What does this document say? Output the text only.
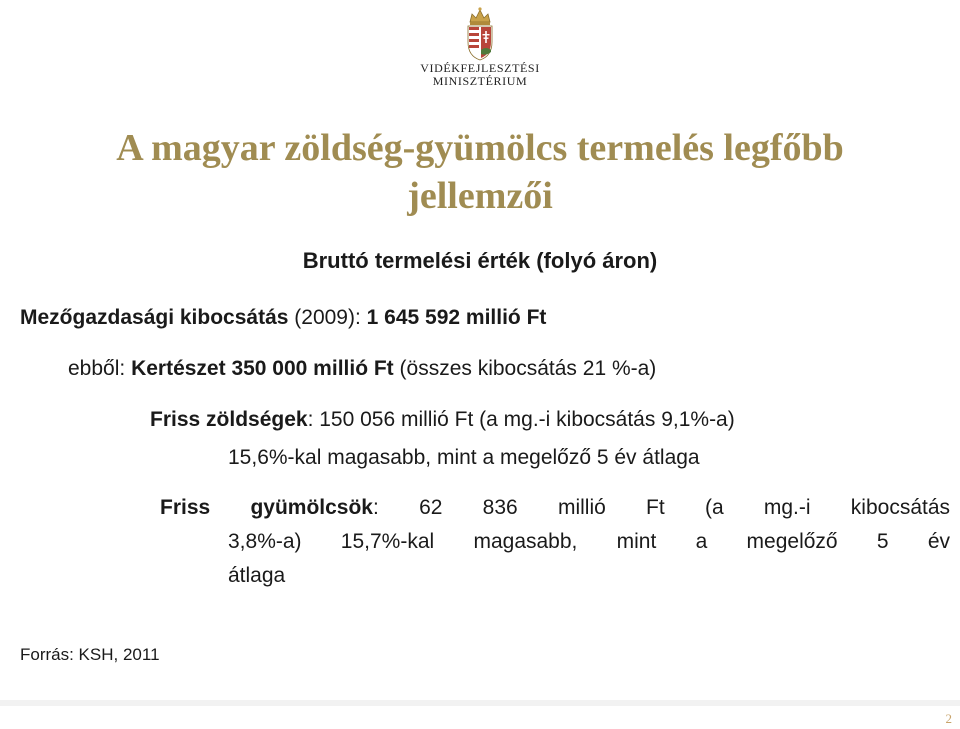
VIDÉKFEJLESZTÉSI
MINISZTÉRIUM
A magyar zöldség-gyümölcs termelés legfőbb
jellemzői
Bruttó termelési érték (folyó áron)
Mezőgazdasági kibocsátás (2009): 1 645 592 millió Ft
ebből: Kertészet 350 000 millió Ft (összes kibocsátás 21 %-a)
Friss zöldségek: 150 056 millió Ft (a mg.-i kibocsátás 9,1%-a)
15,6%-kal magasabb, mint a megelőző 5 év átlaga
Friss gyümölcsök: 62 836 millió Ft (a mg.-i kibocsátás
3,8%-a) 15,7%-kal magasabb, mint a megelőző 5 év
átlaga
Forrás: KSH, 2011
2
